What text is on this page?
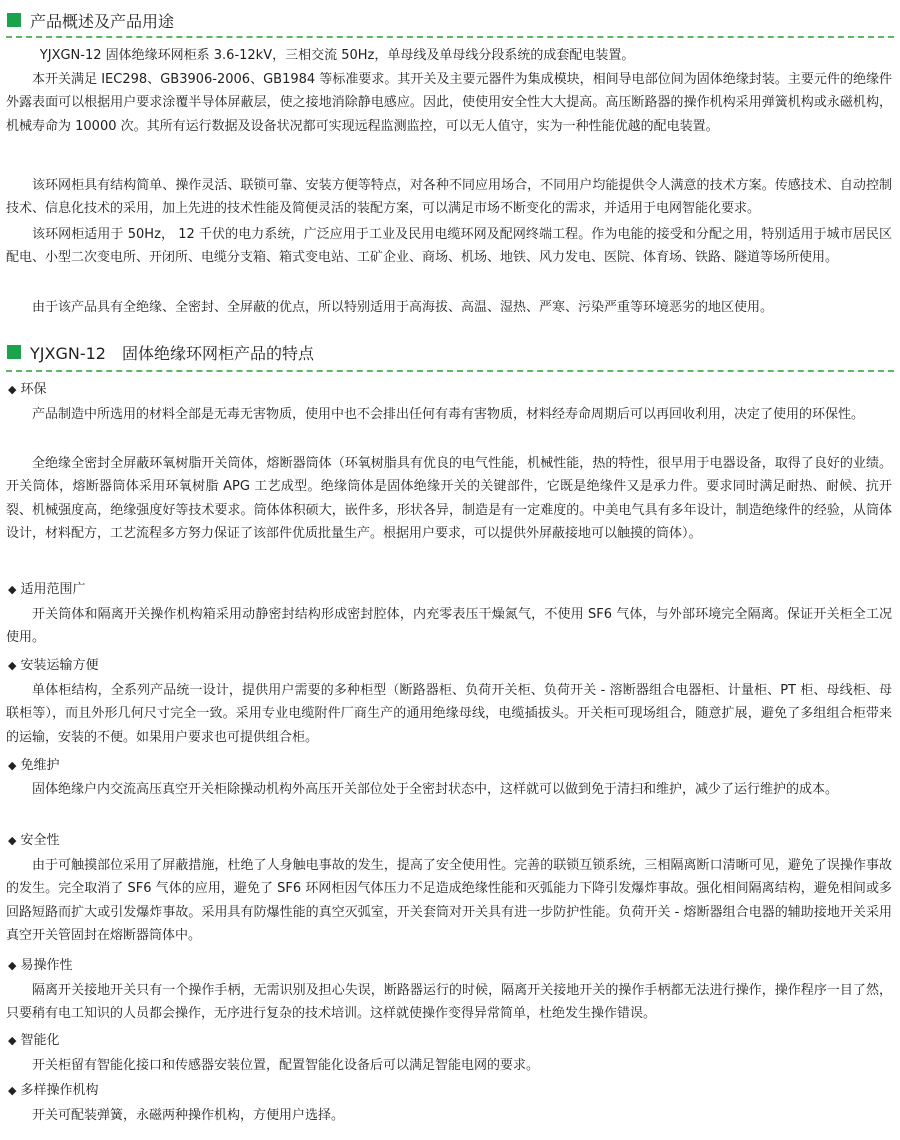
产品概述及产品用途

YJXGN-12 固体绝缘环网柜系 3.6-12kV，三相交流 50Hz，单母线及单母线分段系统的成套配电装置。

本开关满足 IEC298、GB3906-2006、GB1984 等标准要求。其开关及主要元器件为集成模块，相间导电部位间为固体绝缘封装。主要元件的绝缘件外露表面可以根据用户要求涂覆半导体屏蔽层，使之接地消除静电感应。因此，使使用安全性大大提高。高压断路器的操作机构采用弹簧机构或永磁机构，机械寿命为 10000 次。其所有运行数据及设备状况都可实现远程监测监控，可以无人值守，实为一种性能优越的配电装置。

该环网柜具有结构简单、操作灵活、联锁可靠、安装方便等特点，对各种不同应用场合，不同用户均能提供令人满意的技术方案。传感技术、自动控制技术、信息化技术的采用，加上先进的技术性能及简便灵活的装配方案，可以满足市场不断变化的需求，并适用于电网智能化要求。

该环网柜适用于 50Hz， 12 千伏的电力系统，广泛应用于工业及民用电缆环网及配网终端工程。作为电能的接受和分配之用，特别适用于城市居民区配电、小型二次变电所、开闭所、电缆分支箱、箱式变电站、工矿企业、商场、机场、地铁、风力发电、医院、体育场、铁路、隧道等场所使用。

由于该产品具有全绝缘、全密封、全屏蔽的优点，所以特别适用于高海拔、高温、湿热、严寒、污染严重等环境恶劣的地区使用。

YJXGN-12　固体绝缘环网柜产品的特点
◆ 环保

产品制造中所选用的材料全部是无毒无害物质，使用中也不会排出任何有毒有害物质，材料经寿命周期后可以再回收利用，决定了使用的环保性。

全绝缘全密封全屏蔽环氧树脂开关筒体，熔断器筒体（环氧树脂具有优良的电气性能，机械性能，热的特性，很早用于电器设备，取得了良好的业绩。开关筒体，熔断器筒体采用环氧树脂 APG 工艺成型。绝缘筒体是固体绝缘开关的关键部件，它既是绝缘件又是承力件。要求同时满足耐热、耐候、抗开裂、机械强度高，绝缘强度好等技术要求。筒体体积硕大，嵌件多，形状各异，制造是有一定难度的。中美电气具有多年设计，制造绝缘件的经验，从筒体设计，材料配方，工艺流程多方努力保证了该部件优质批量生产。根据用户要求，可以提供外屏蔽接地可以触摸的筒体）。

◆ 适用范围广

开关筒体和隔离开关操作机构箱采用动静密封结构形成密封腔体，内充零表压干燥氮气，不使用 SF6 气体，与外部环境完全隔离。保证开关柜全工况使用。

◆ 安装运输方便

单体柜结构，全系列产品统一设计，提供用户需要的多种柜型（断路器柜、负荷开关柜、负荷开关 - 溶断器组合电器柜、计量柜、PT 柜、母线柜、母联柜等），而且外形几何尺寸完全一致。采用专业电缆附件厂商生产的通用绝缘母线，电缆插拔头。开关柜可现场组合，随意扩展，避免了多组组合柜带来的运输，安装的不便。如果用户要求也可提供组合柜。

◆ 免维护

固体绝缘户内交流高压真空开关柜除操动机构外高压开关部位处于全密封状态中，这样就可以做到免于清扫和维护，减少了运行维护的成本。

◆ 安全性

由于可触摸部位采用了屏蔽措施，杜绝了人身触电事故的发生，提高了安全使用性。完善的联锁互锁系统，三相隔离断口清晰可见，避免了误操作事故的发生。完全取消了 SF6 气体的应用，避免了 SF6 环网柜因气体压力不足造成绝缘性能和灭弧能力下降引发爆炸事故。强化相间隔离结构，避免相间或多回路短路而扩大或引发爆炸事故。采用具有防爆性能的真空灭弧室，开关套筒对开关具有进一步防护性能。负荷开关 - 熔断器组合电器的辅助接地开关采用真空开关管固封在熔断器筒体中。

◆ 易操作性

隔离开关接地开关只有一个操作手柄，无需识别及担心失误，断路器运行的时候，隔离开关接地开关的操作手柄都无法进行操作，操作程序一目了然，只要稍有电工知识的人员都会操作，无序进行复杂的技术培训。这样就使操作变得异常简单，杜绝发生操作错误。

◆ 智能化

开关柜留有智能化接口和传感器安装位置，配置智能化设备后可以满足智能电网的要求。

◆ 多样操作机构

开关可配装弹簧，永磁两种操作机构，方便用户选择。
